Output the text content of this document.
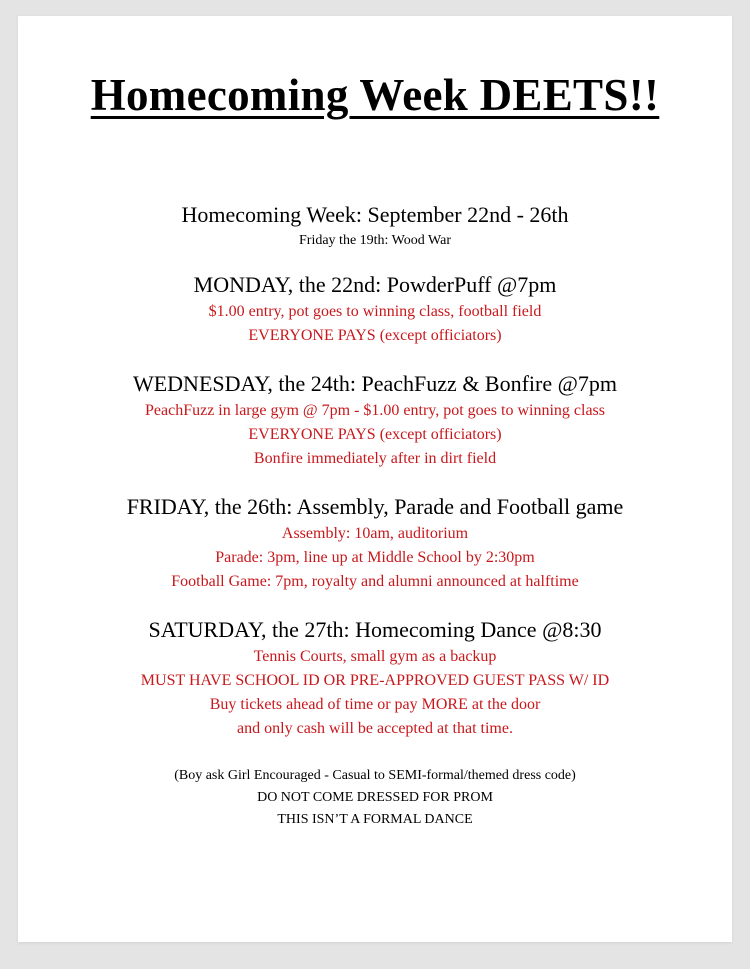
Homecoming Week DEETS!!
Homecoming Week: September 22nd - 26th
Friday the 19th: Wood War
MONDAY, the 22nd: PowderPuff @7pm
$1.00 entry, pot goes to winning class, football field
EVERYONE PAYS (except officiators)
WEDNESDAY, the 24th: PeachFuzz & Bonfire @7pm
PeachFuzz in large gym @ 7pm - $1.00 entry, pot goes to winning class
EVERYONE PAYS (except officiators)
Bonfire immediately after in dirt field
FRIDAY, the 26th: Assembly, Parade and Football game
Assembly: 10am, auditorium
Parade: 3pm, line up at Middle School by 2:30pm
Football Game: 7pm, royalty and alumni announced at halftime
SATURDAY, the 27th: Homecoming Dance @8:30
Tennis Courts, small gym as a backup
MUST HAVE SCHOOL ID OR PRE-APPROVED GUEST PASS W/ ID
Buy tickets ahead of time or pay MORE at the door
and only cash will be accepted at that time.
(Boy ask Girl Encouraged - Casual to SEMI-formal/themed dress code)
DO NOT COME DRESSED FOR PROM
THIS ISN’T A FORMAL DANCE
